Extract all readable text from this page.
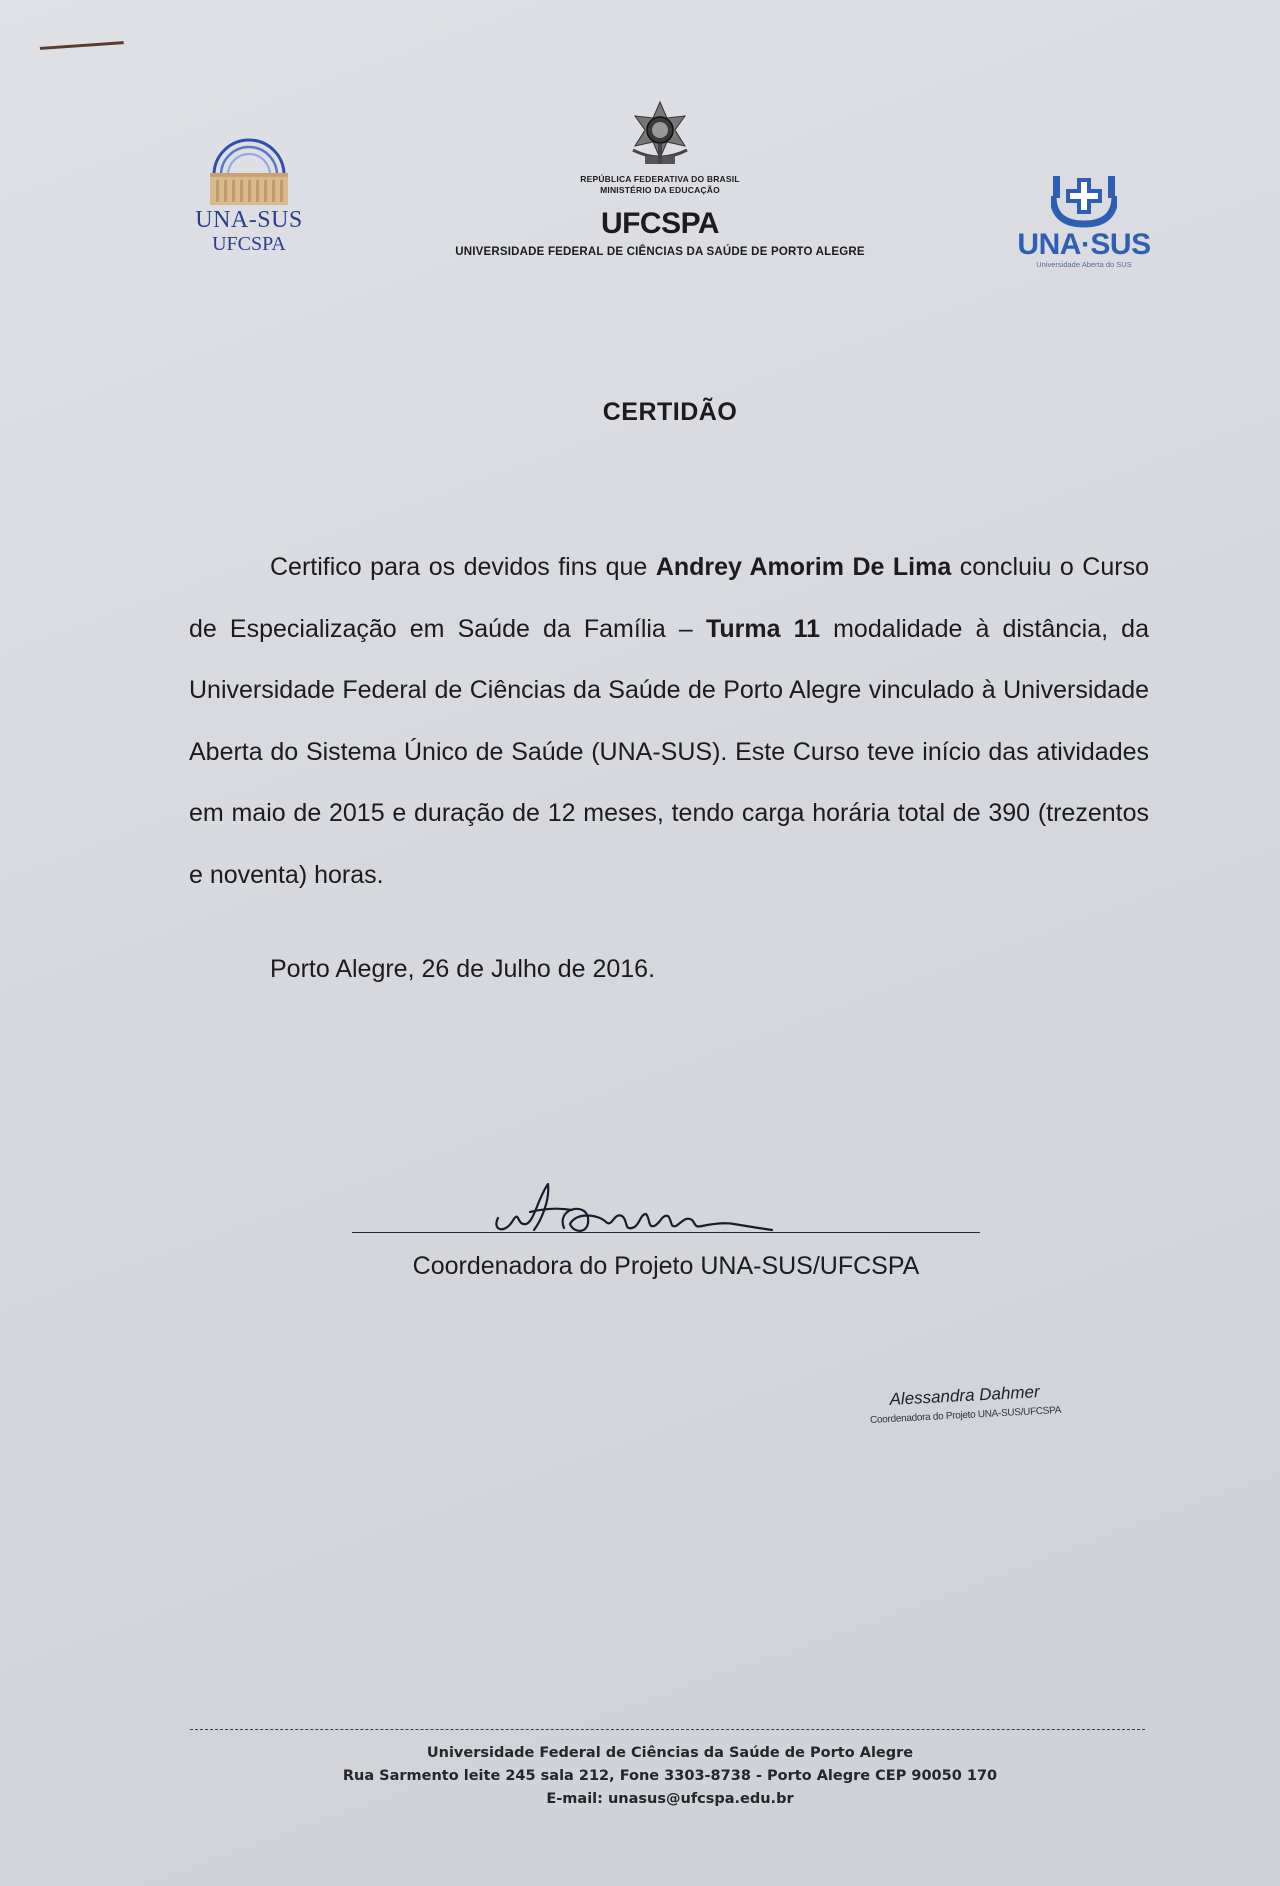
UNA-SUS
UFCSPA
REPÚBLICA FEDERATIVA DO BRASIL
MINISTÉRIO DA EDUCAÇÃO
UFCSPA
UNIVERSIDADE FEDERAL DE CIÊNCIAS DA SAÚDE DE PORTO ALEGRE	UNA·SUS
Universidade Aberta do SUS
CERTIDÃO

Certifico para os devidos fins que Andrey Amorim De Lima concluiu o Curso de Especialização em Saúde da Família – Turma 11 modalidade à distância, da Universidade Federal de Ciências da Saúde de Porto Alegre vinculado à Universidade Aberta do Sistema Único de Saúde (UNA-SUS). Este Curso teve início das atividades em maio de 2015 e duração de 12 meses, tendo carga horária total de 390 (trezentos e noventa) horas.

Porto Alegre, 26 de Julho de 2016.
Coordenadora do Projeto UNA-SUS/UFCSPA
Alessandra Dahmer
Coordenadora do Projeto UNA-SUS/UFCSPA
Universidade Federal de Ciências da Saúde de Porto Alegre
Rua Sarmento leite 245 sala 212, Fone 3303-8738 - Porto Alegre CEP 90050 170
E-mail: unasus@ufcspa.edu.br
